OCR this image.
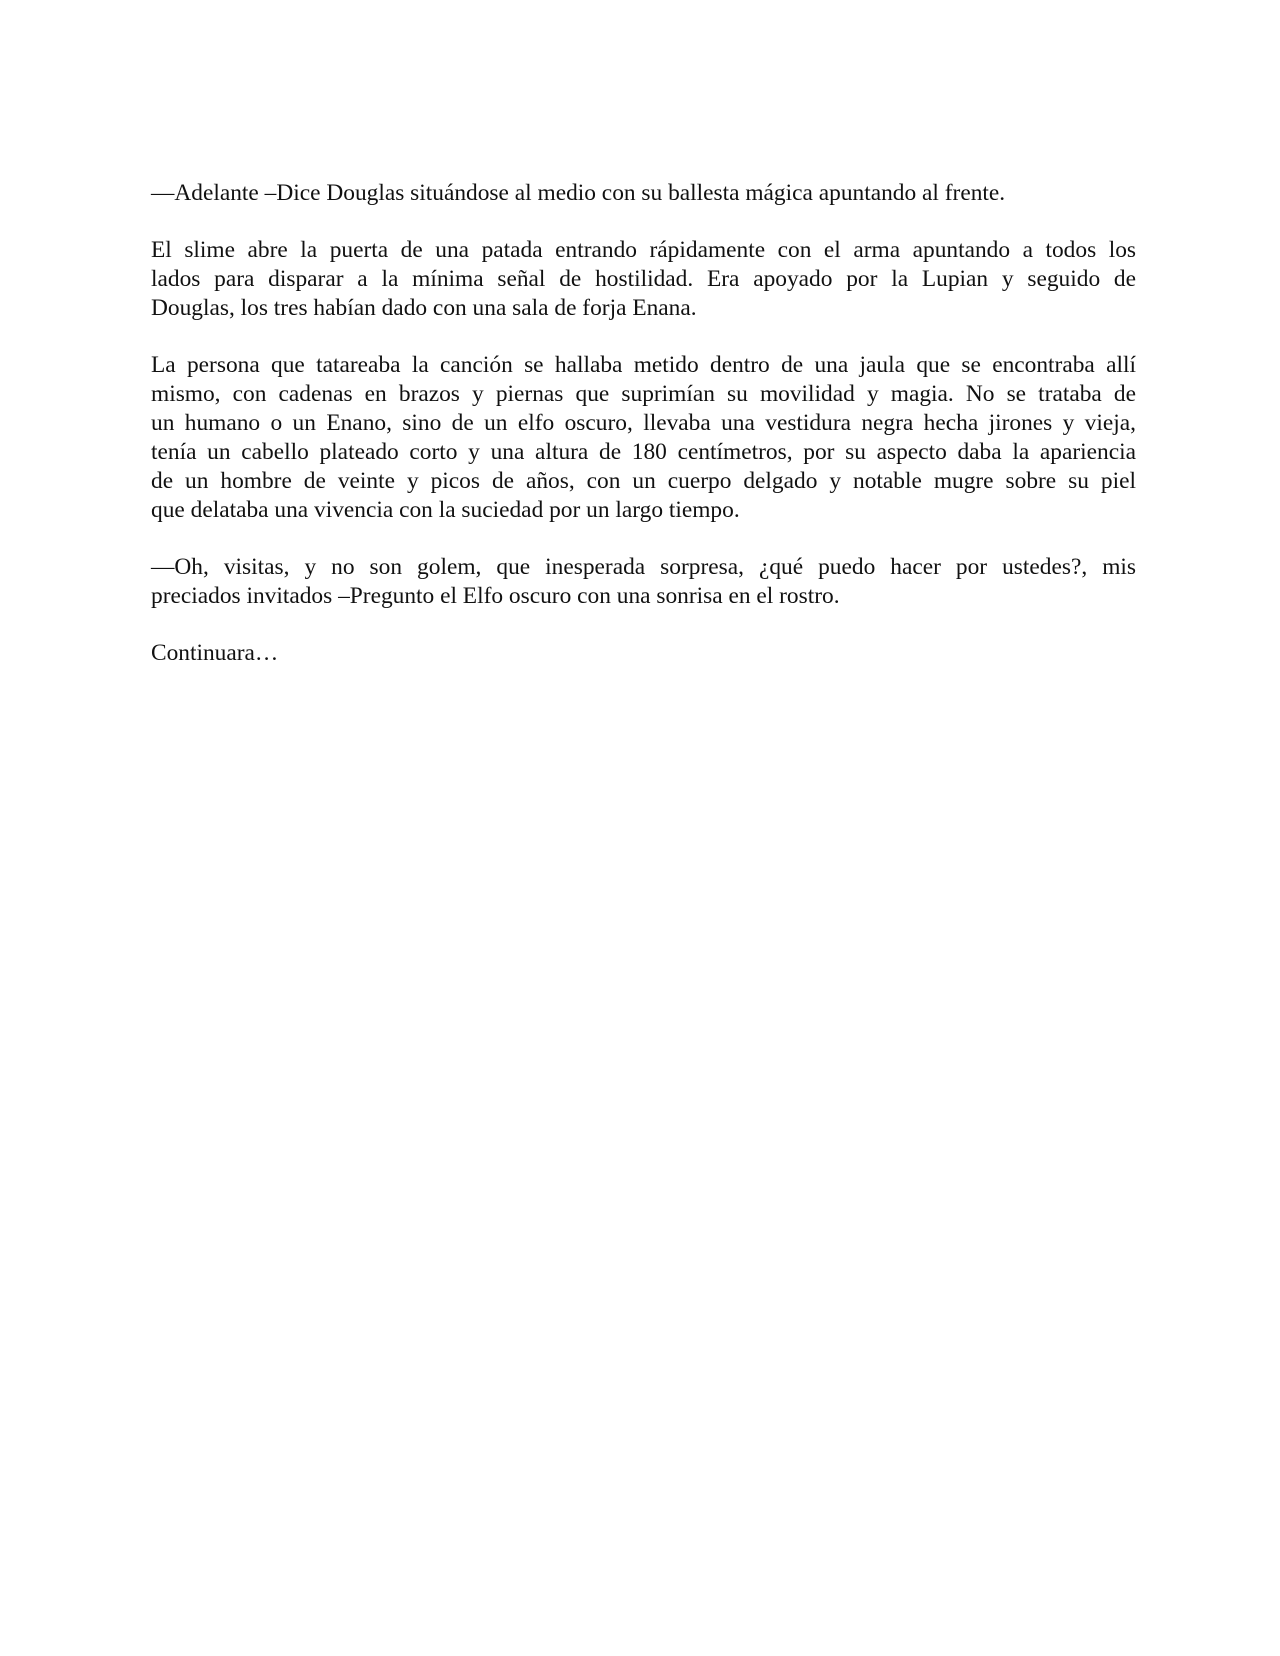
—Adelante –Dice Douglas situándose al medio con su ballesta mágica apuntando al frente.

El slime abre la puerta de una patada entrando rápidamente con el arma apuntando a todos los
lados para disparar a la mínima señal de hostilidad. Era apoyado por la Lupian y seguido de
Douglas, los tres habían dado con una sala de forja Enana.

La persona que tatareaba la canción se hallaba metido dentro de una jaula que se encontraba allí
mismo, con cadenas en brazos y piernas que suprimían su movilidad y magia. No se trataba de
un humano o un Enano, sino de un elfo oscuro, llevaba una vestidura negra hecha jirones y vieja,
tenía un cabello plateado corto y una altura de 180 centímetros, por su aspecto daba la apariencia
de un hombre de veinte y picos de años, con un cuerpo delgado y notable mugre sobre su piel
que delataba una vivencia con la suciedad por un largo tiempo.

—Oh, visitas, y no son golem, que inesperada sorpresa, ¿qué puedo hacer por ustedes?, mis
preciados invitados –Pregunto el Elfo oscuro con una sonrisa en el rostro.

Continuara…
